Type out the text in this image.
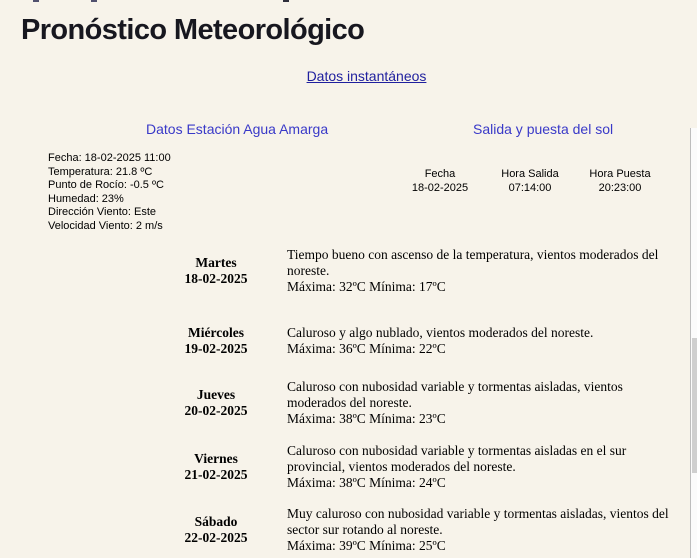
Pronóstico Meteorológico
Datos instantáneos
Datos Estación Agua Amarga	Salida y puesta del sol
Fecha: 18-02-2025 11:00
Temperatura: 21.8 ºC
Punto de Rocío: -0.5 ºC
Humedad: 23%
Dirección Viento: Este
Velocidad Viento: 2 m/s
Fecha
18-02-2025
Hora Salida
07:14:00
Hora Puesta
20:23:00
Martes
18-02-2025
Tiempo bueno con ascenso de la temperatura, vientos moderados del noreste.
Máxima: 32ºC Mínima: 17ºC
Miércoles
19-02-2025
Caluroso y algo nublado, vientos moderados del noreste.
Máxima: 36ºC Mínima: 22ºC
Jueves
20-02-2025
Caluroso con nubosidad variable y tormentas aisladas, vientos moderados del noreste.
Máxima: 38ºC Mínima: 23ºC
Viernes
21-02-2025
Caluroso con nubosidad variable y tormentas aisladas en el sur provincial, vientos moderados del noreste.
Máxima: 38ºC Mínima: 24ºC
Sábado
22-02-2025
Muy caluroso con nubosidad variable y tormentas aisladas, vientos del sector sur rotando al noreste.
Máxima: 39ºC Mínima: 25ºC
